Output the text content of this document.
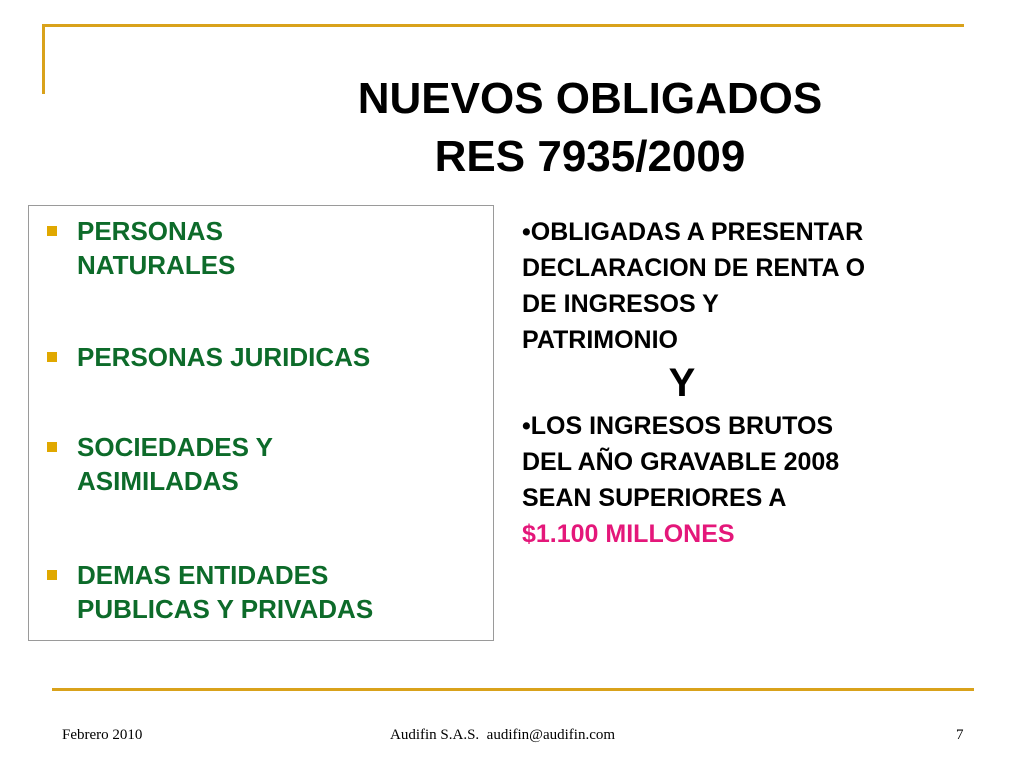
NUEVOS OBLIGADOS
RES 7935/2009
PERSONAS
NATURALES
PERSONAS JURIDICAS
SOCIEDADES Y
ASIMILADAS
DEMAS ENTIDADES
PUBLICAS Y PRIVADAS
•OBLIGADAS A PRESENTAR
DECLARACION DE RENTA O
DE INGRESOS Y
PATRIMONIO
Y
•LOS INGRESOS BRUTOS
DEL AÑO GRAVABLE 2008
SEAN SUPERIORES A
$1.100 MILLONES
Febrero 2010	Audifin S.A.S.  audifin@audifin.com	7
